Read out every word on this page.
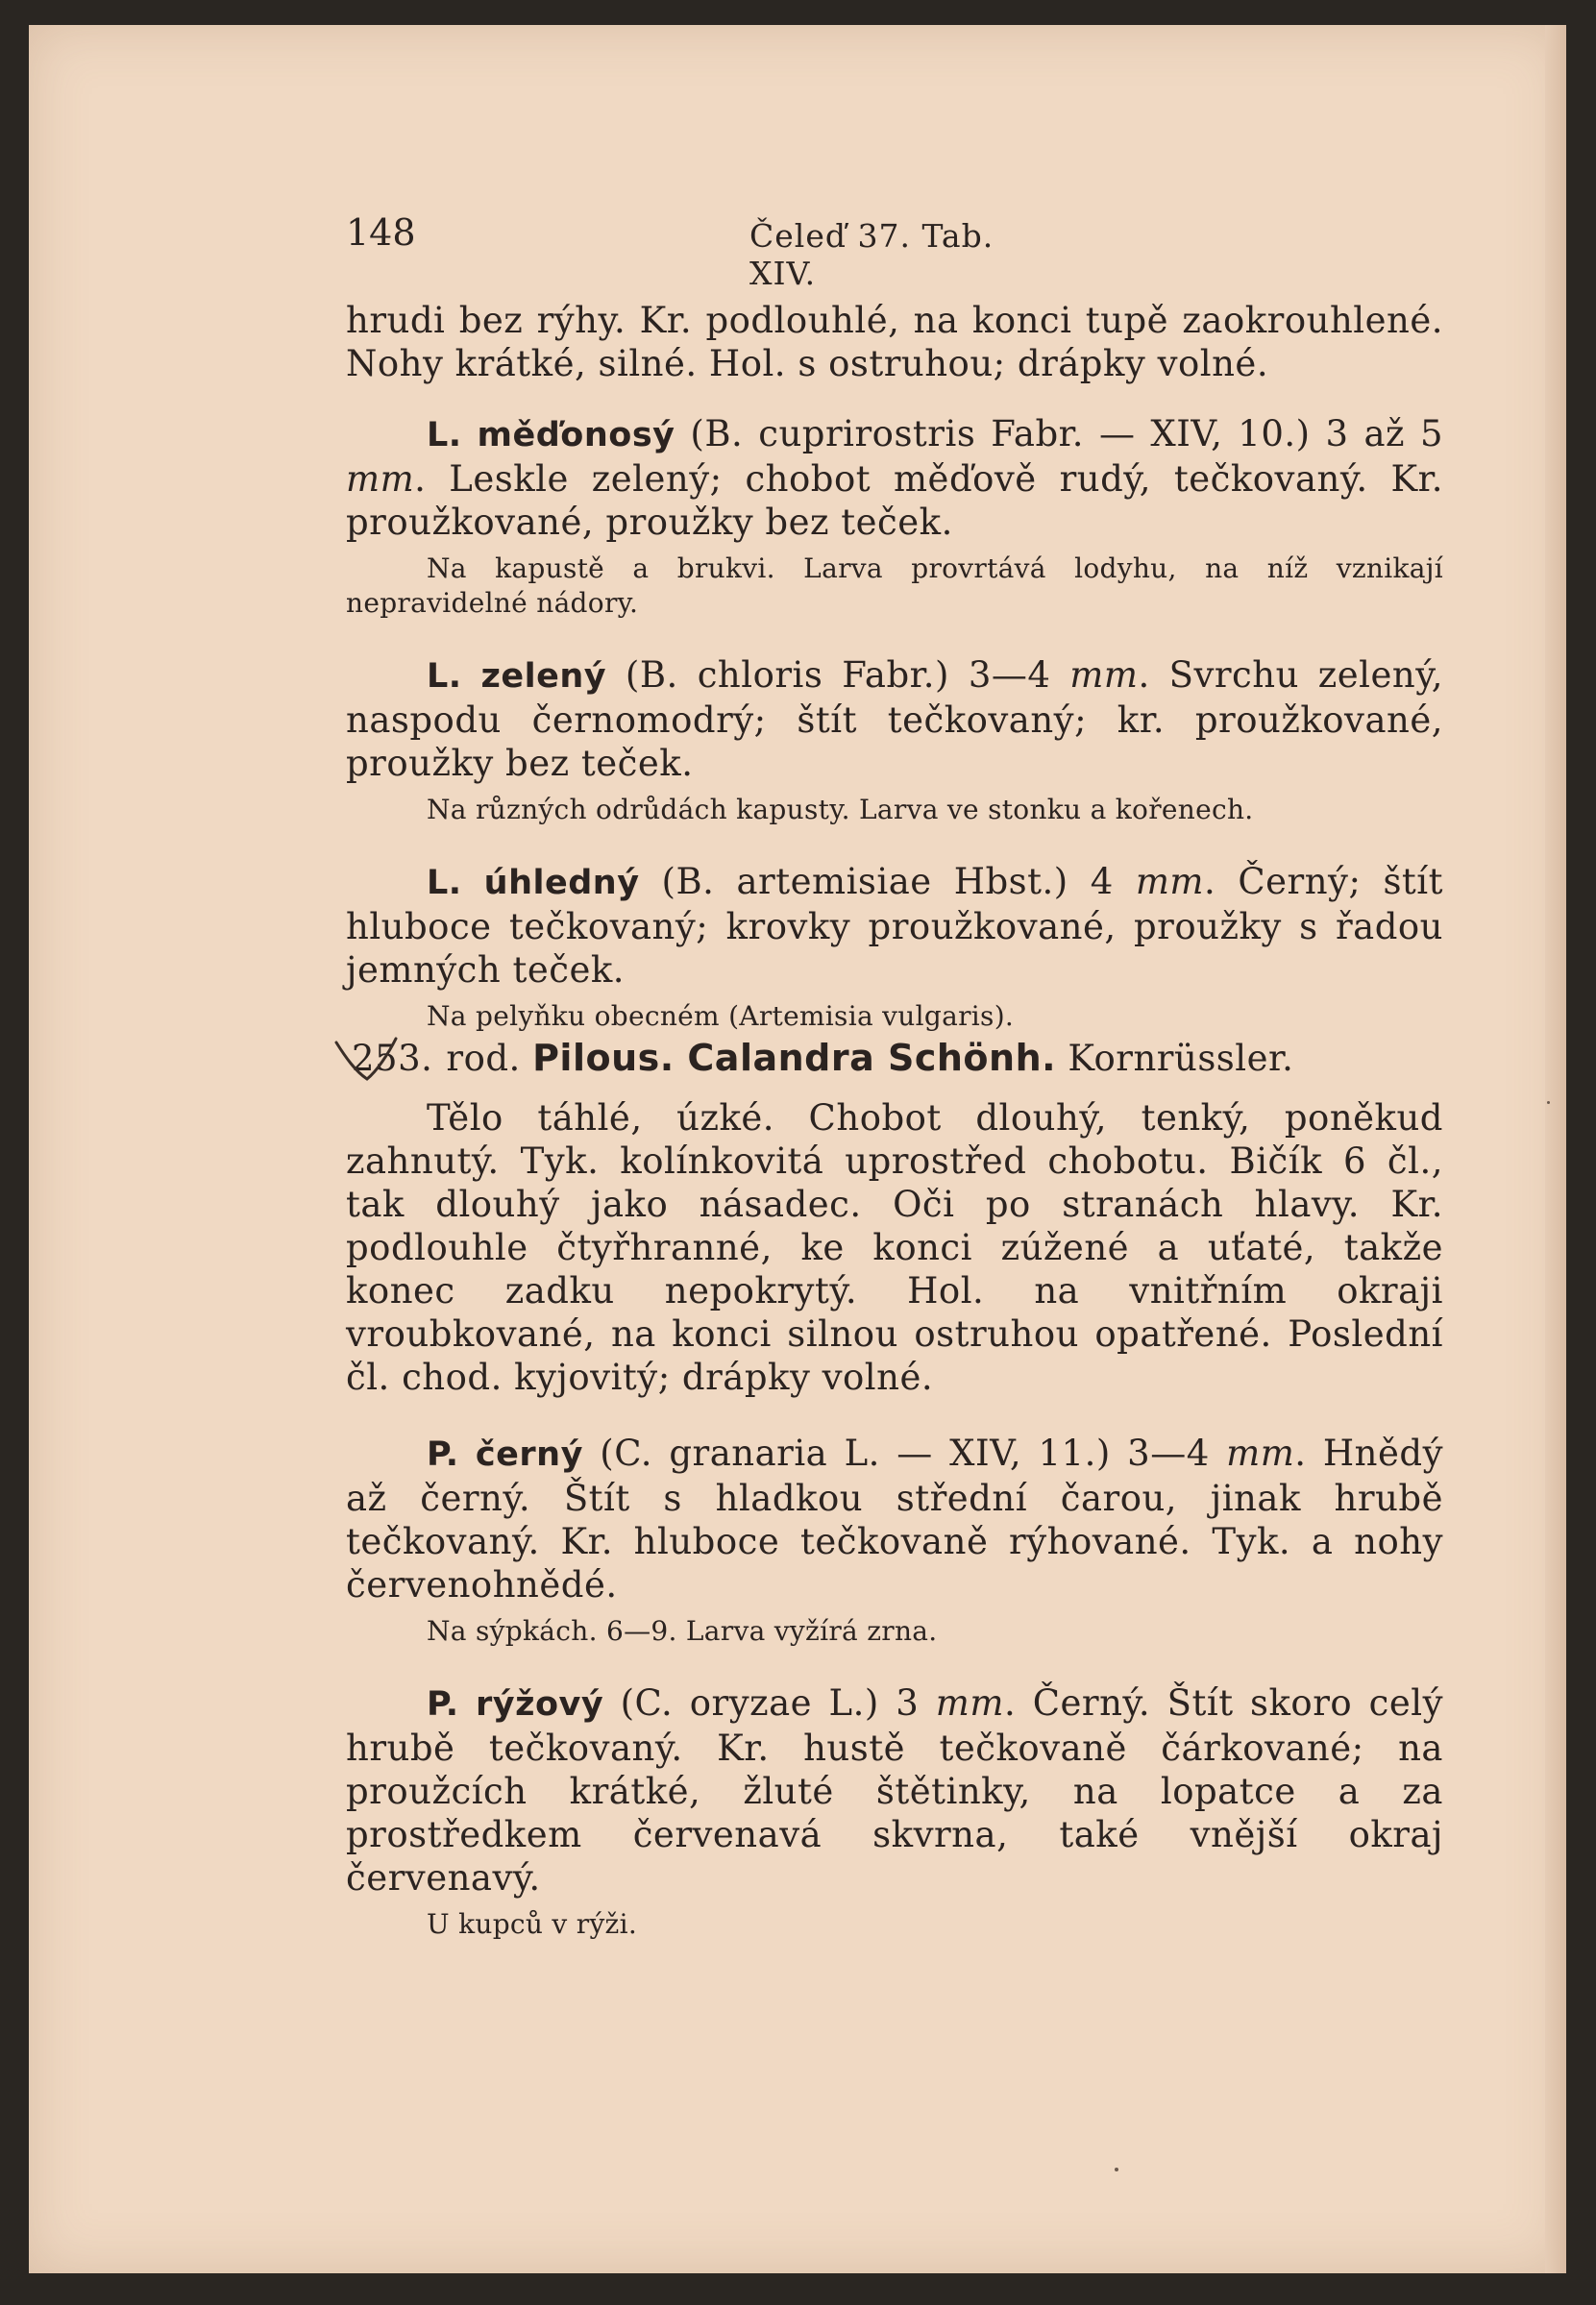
148	Čeleď 37. Tab. XIV.

hrudi bez rýhy. Kr. podlouhlé, na konci tupě zaokrouhlené. Nohy krátké, silné. Hol. s ostruhou; drápky volné.

L. měďonosý (B. cuprirostris Fabr. — XIV, 10.) 3 až 5 mm. Leskle zelený; chobot měďově rudý, tečkovaný. Kr. proužkované, proužky bez teček.

Na kapustě a brukvi. Larva provrtává lodyhu, na níž vznikají nepravidelné nádory.

L. zelený (B. chloris Fabr.) 3—4 mm. Svrchu zelený, naspodu černomodrý; štít tečkovaný; kr. proužkované, proužky bez teček.

Na různých odrůdách kapusty. Larva ve stonku a kořenech.

L. úhledný (B. artemisiae Hbst.) 4 mm. Černý; štít hluboce tečkovaný; krovky proužkované, proužky s řadou jemných teček.

Na pelyňku obecném (Artemisia vulgaris).

253. rod. Pilous. Calandra Schönh. Kornrüssler.

Tělo táhlé, úzké. Chobot dlouhý, tenký, poněkud zahnutý. Tyk. kolínkovitá uprostřed chobotu. Bičík 6 čl., tak dlouhý jako násadec. Oči po stranách hlavy. Kr. podlouhle čtyřhranné, ke konci zúžené a uťaté, takže konec zadku nepokrytý. Hol. na vnitřním okraji vroubkované, na konci silnou ostruhou opatřené. Poslední čl. chod. kyjovitý; drápky volné.

P. černý (C. granaria L. — XIV, 11.) 3—4 mm. Hnědý až černý. Štít s hladkou střední čarou, jinak hrubě tečkovaný. Kr. hluboce tečkovaně rýhované. Tyk. a nohy červenohnědé.

Na sýpkách. 6—9. Larva vyžírá zrna.

P. rýžový (C. oryzae L.) 3 mm. Černý. Štít skoro celý hrubě tečkovaný. Kr. hustě tečkovaně čárkované; na proužcích krátké, žluté štětinky, na lopatce a za prostředkem červenavá skvrna, také vnější okraj červenavý.

U kupců v rýži.
